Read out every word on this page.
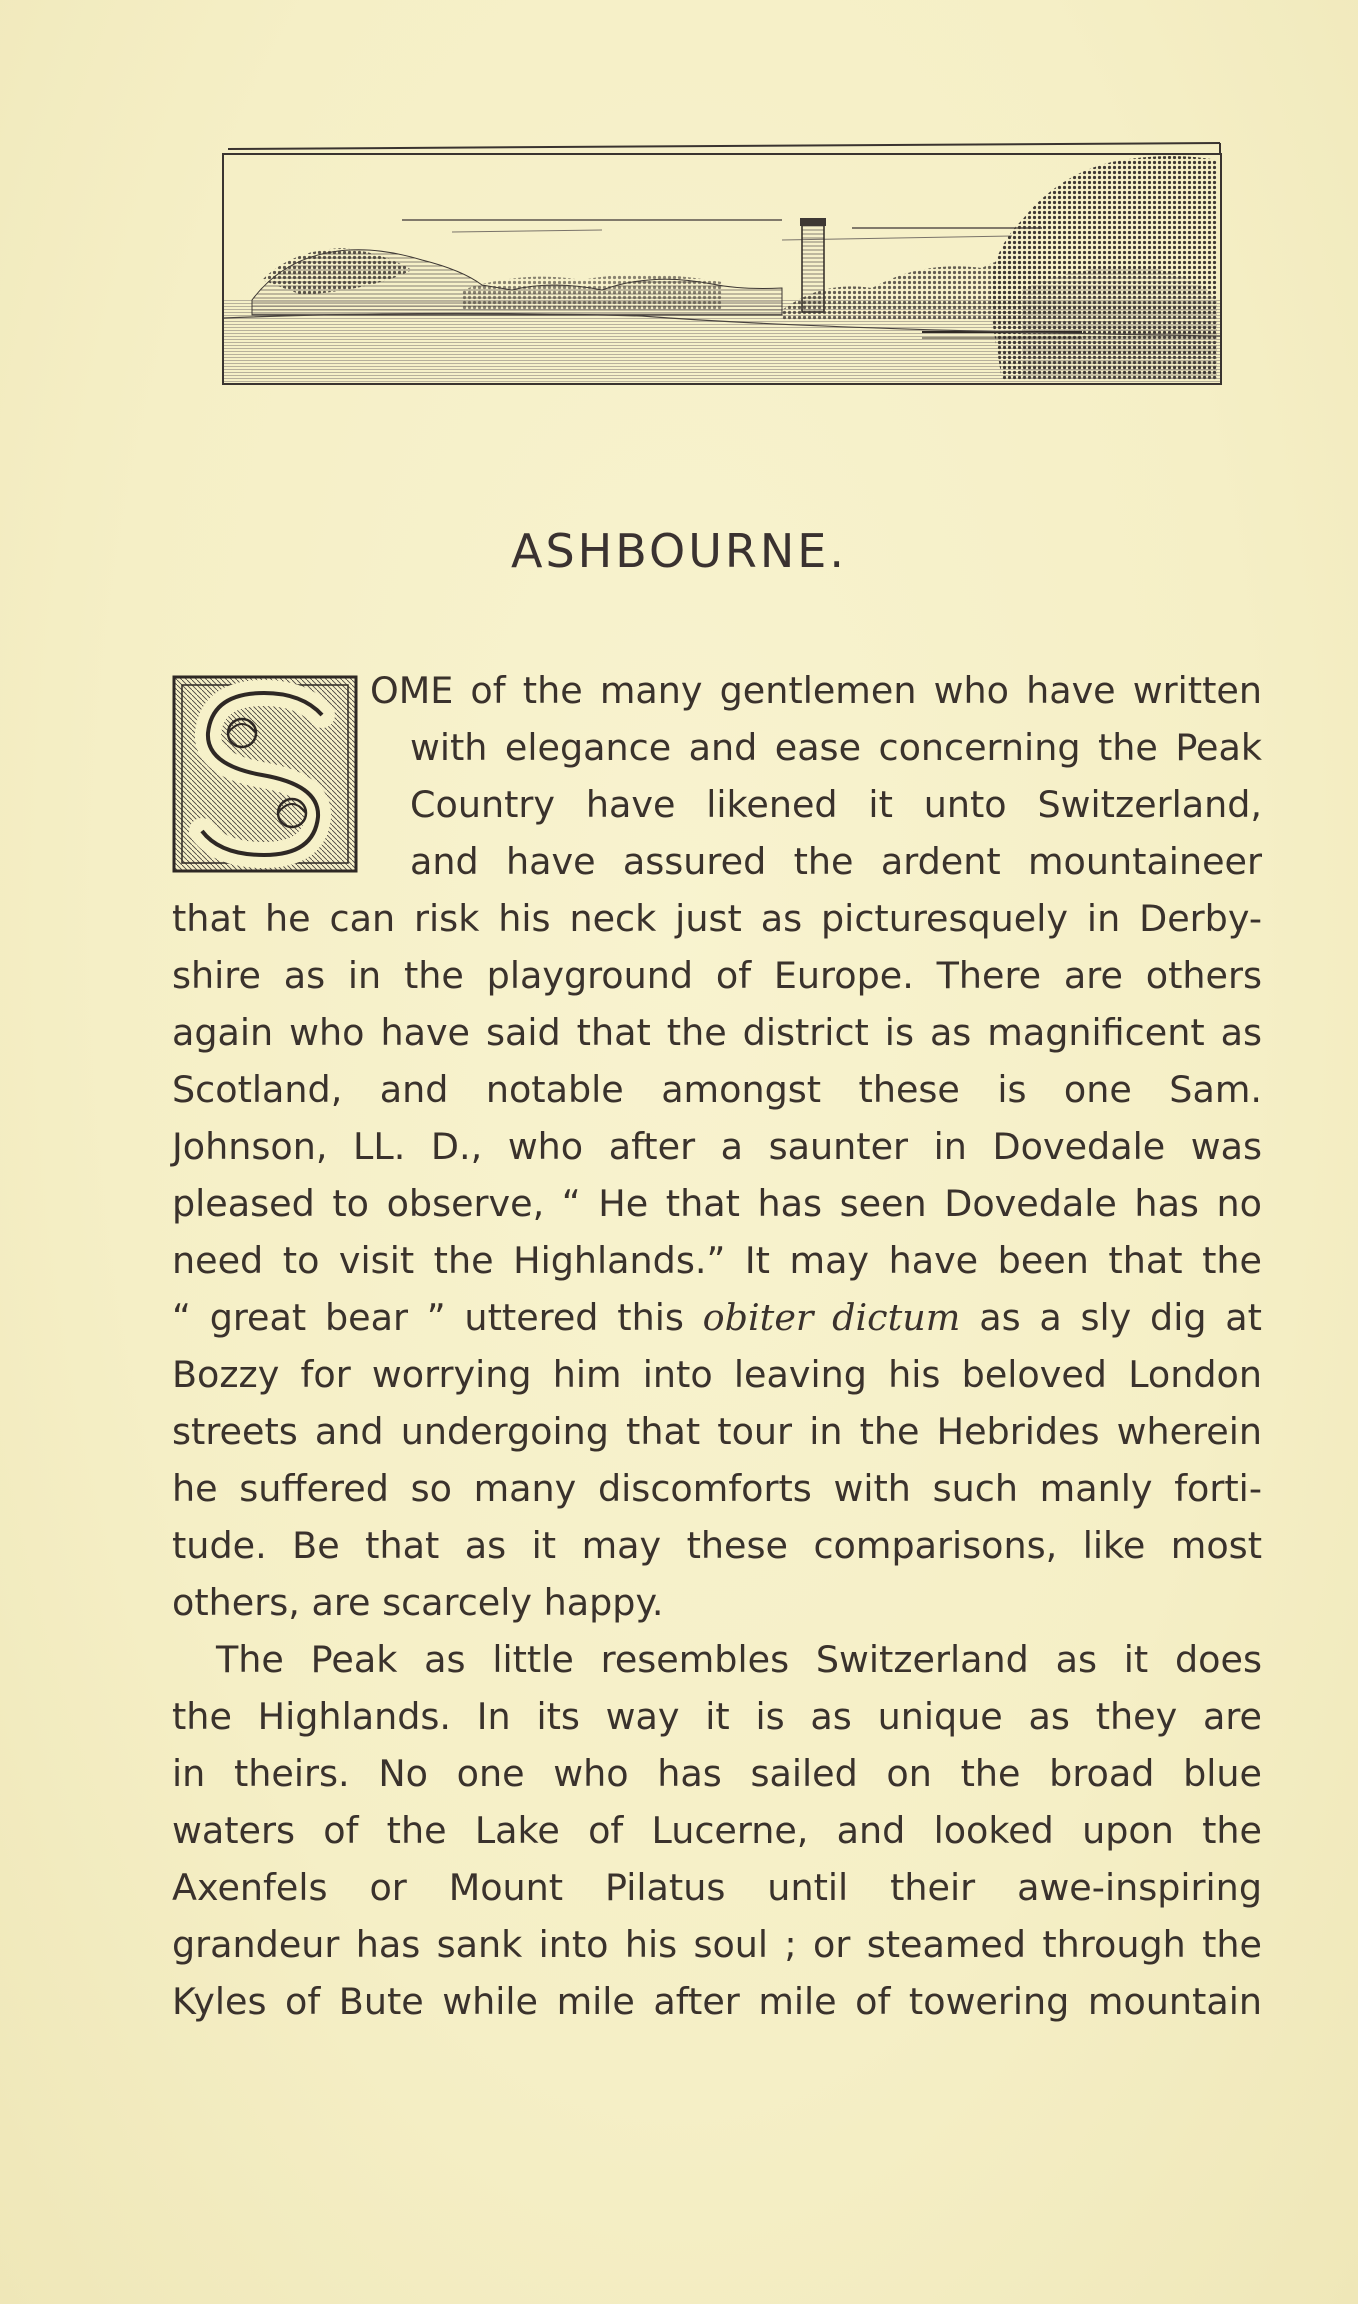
ASHBOURNE.
OME of the many gentlemen who have written
with elegance and ease concerning the Peak
Country have likened it unto Switzerland,
and have assured the ardent mountaineer
that he can risk his neck just as picturesquely in Derby-
shire as in the playground of Europe. There are others
again who have said that the district is as magnificent as
Scotland, and notable amongst these is one Sam.
Johnson, LL. D., who after a saunter in Dovedale was
pleased to observe, “ He that has seen Dovedale has no
need to visit the Highlands.” It may have been that the
“ great bear ” uttered this obiter dictum as a sly dig at
Bozzy for worrying him into leaving his beloved London
streets and undergoing that tour in the Hebrides wherein
he suffered so many discomforts with such manly forti-
tude. Be that as it may these comparisons, like most
others, are scarcely happy.
The Peak as little resembles Switzerland as it does
the Highlands. In its way it is as unique as they are
in theirs. No one who has sailed on the broad blue
waters of the Lake of Lucerne, and looked upon the
Axenfels or Mount Pilatus until their awe-inspiring
grandeur has sank into his soul ; or steamed through the
Kyles of Bute while mile after mile of towering mountain
